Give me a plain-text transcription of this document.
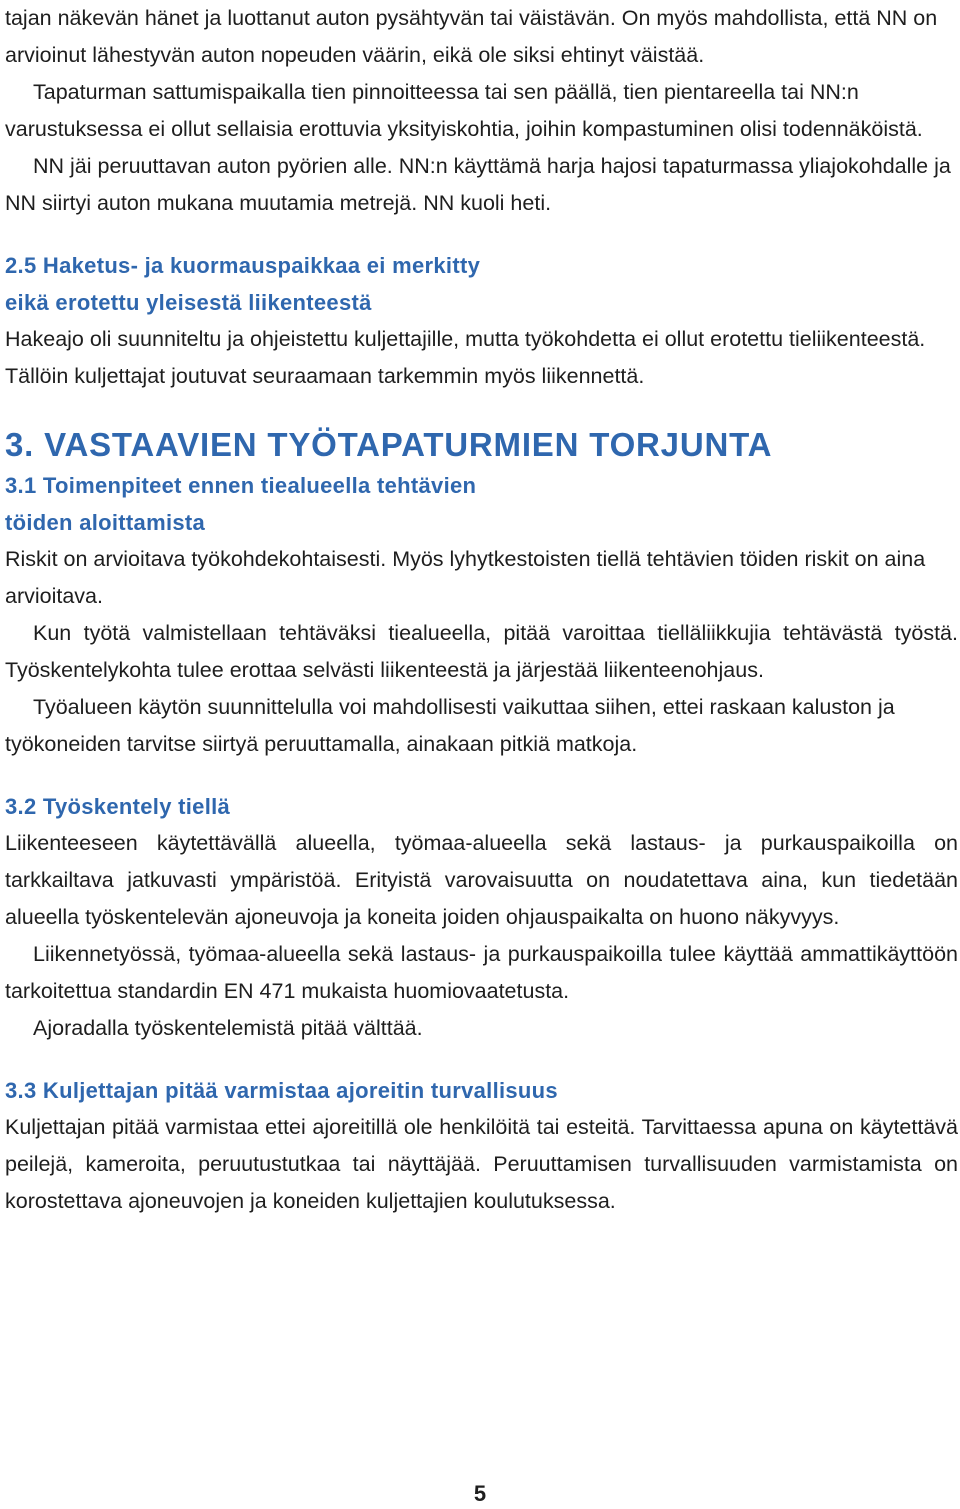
tajan näkevän hänet ja luottanut auton pysähtyvän tai väistävän. On myös mahdollista, että NN on arvioinut lähestyvän auton nopeuden väärin, eikä ole siksi ehtinyt väistää.

Tapaturman sattumispaikalla tien pinnoitteessa tai sen päällä, tien pientareella tai NN:n varustuksessa ei ollut sellaisia erottuvia yksityiskohtia, joihin kompastuminen olisi todennäköistä.

NN jäi peruuttavan auton pyörien alle. NN:n käyttämä harja hajosi tapaturmassa yliajokohdalle ja NN siirtyi auton mukana muutamia metrejä. NN kuoli heti.

2.5 Haketus- ja kuormauspaikkaa ei merkitty
eikä erotettu yleisestä liikenteestä

Hakeajo oli suunniteltu ja ohjeistettu kuljettajille, mutta työkohdetta ei ollut erotettu tieliikenteestä. Tällöin kuljettajat joutuvat seuraamaan tarkemmin myös liikennettä.

3. VASTAAVIEN TYÖTAPATURMIEN TORJUNTA
3.1 Toimenpiteet ennen tiealueella tehtävien
töiden aloittamista

Riskit on arvioitava työkohdekohtaisesti. Myös lyhytkestoisten tiellä tehtävien töiden riskit on aina arvioitava.

Kun työtä valmistellaan tehtäväksi tiealueella, pitää varoittaa tielläliikkujia tehtävästä työstä. Työskentelykohta tulee erottaa selvästi liikenteestä ja järjestää liikenteenohjaus.

Työalueen käytön suunnittelulla voi mahdollisesti vaikuttaa siihen, ettei raskaan kaluston ja työkoneiden tarvitse siirtyä peruuttamalla, ainakaan pitkiä matkoja.

3.2 Työskentely tiellä

Liikenteeseen käytettävällä alueella, työmaa-alueella sekä lastaus- ja purkauspaikoilla on tarkkailtava jatkuvasti ympäristöä. Erityistä varovaisuutta on noudatettava aina, kun tiedetään alueella työskentelevän ajoneuvoja ja koneita joiden ohjauspaikalta on huono näkyvyys.

Liikennetyössä, työmaa-alueella sekä lastaus- ja purkauspaikoilla tulee käyttää ammattikäyttöön tarkoitettua standardin EN 471 mukaista huomiovaatetusta.

Ajoradalla työskentelemistä pitää välttää.

3.3 Kuljettajan pitää varmistaa ajoreitin turvallisuus

Kuljettajan pitää varmistaa ettei ajoreitillä ole henkilöitä tai esteitä. Tarvittaessa apuna on käytettävä peilejä, kameroita, peruutustutkaa tai näyttäjää. Peruuttamisen turvallisuuden varmistamista on korostettava ajoneuvojen ja koneiden kuljettajien koulutuksessa.

5
